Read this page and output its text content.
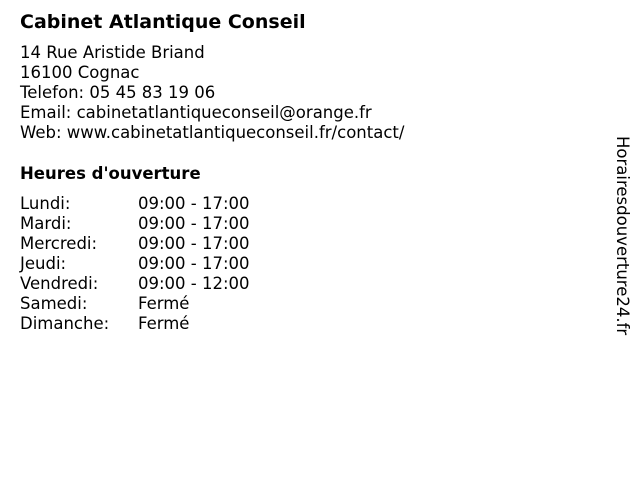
Cabinet Atlantique Conseil
14 Rue Aristide Briand
16100 Cognac
Telefon: 05 45 83 19 06
Email: cabinetatlantiqueconseil@orange.fr
Web: www.cabinetatlantiqueconseil.fr/contact/
Heures d'ouverture
Lundi:	09:00 - 17:00
Mardi:	09:00 - 17:00
Mercredi:	09:00 - 17:00
Jeudi:	09:00 - 17:00
Vendredi:	09:00 - 12:00
Samedi:	Fermé
Dimanche:	Fermé	Horairesdouverture24.fr
